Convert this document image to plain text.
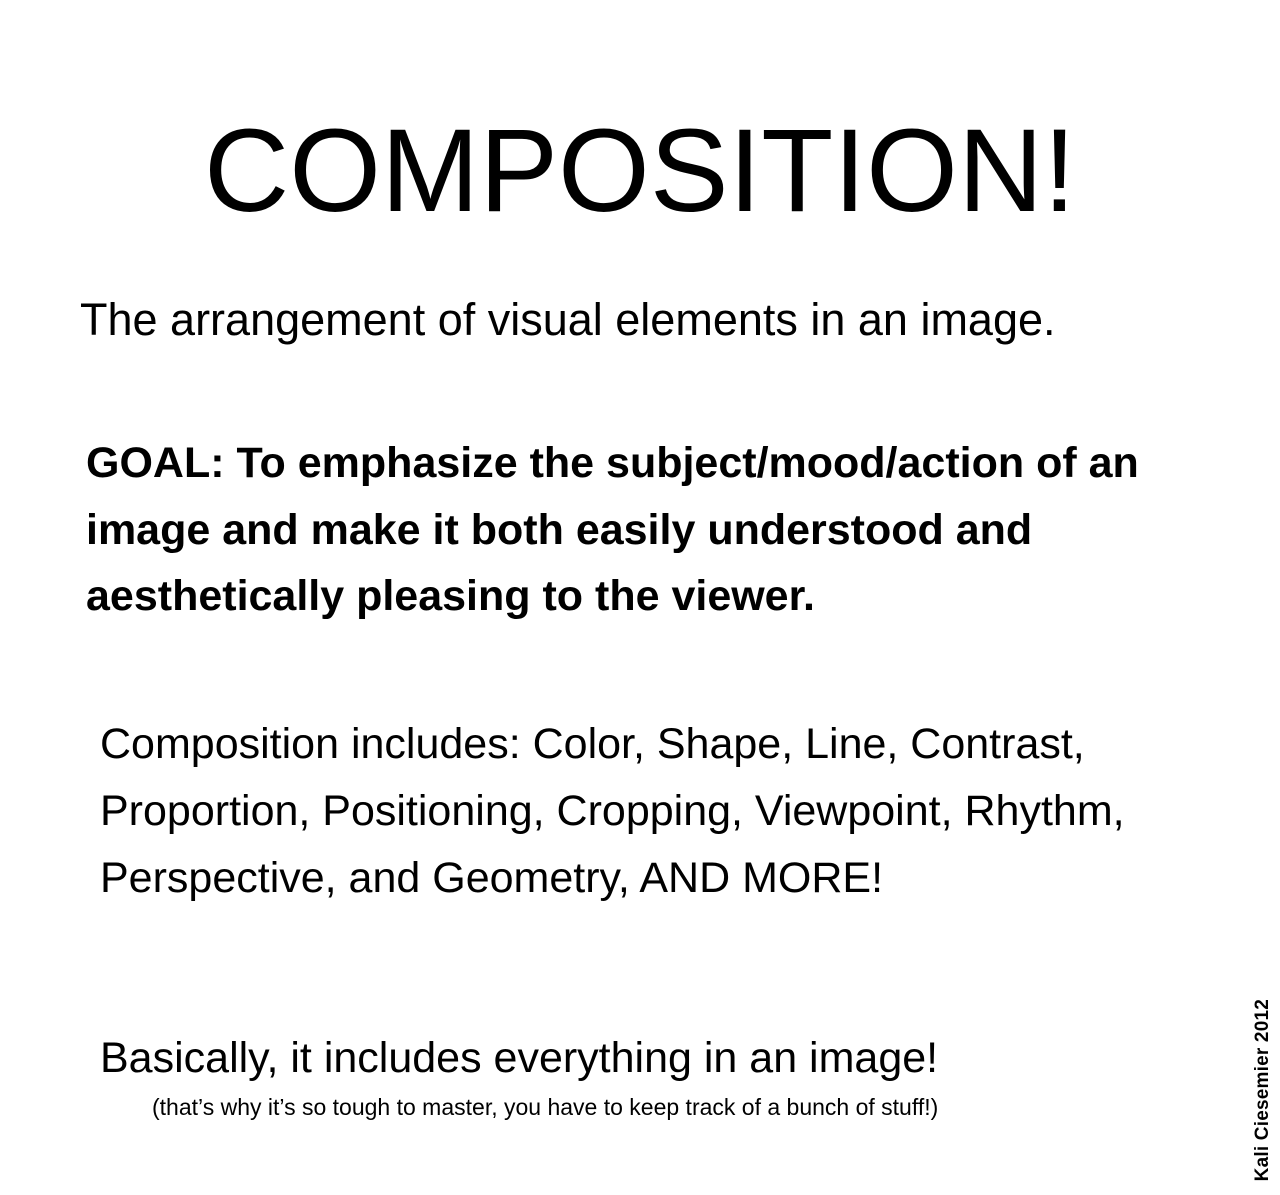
COMPOSITION!

The arrangement of visual elements in an image.

GOAL: To emphasize the subject/mood/action of an image and make it both easily understood and aesthetically pleasing to the viewer.

Composition includes: Color, Shape, Line, Contrast, Proportion, Positioning, Cropping, Viewpoint, Rhythm, Perspective, and Geometry, AND MORE!

Basically, it includes everything in an image!

(that’s why it’s so tough to master, you have to keep track of a bunch of stuff!)	Kali Ciesemier 2012
